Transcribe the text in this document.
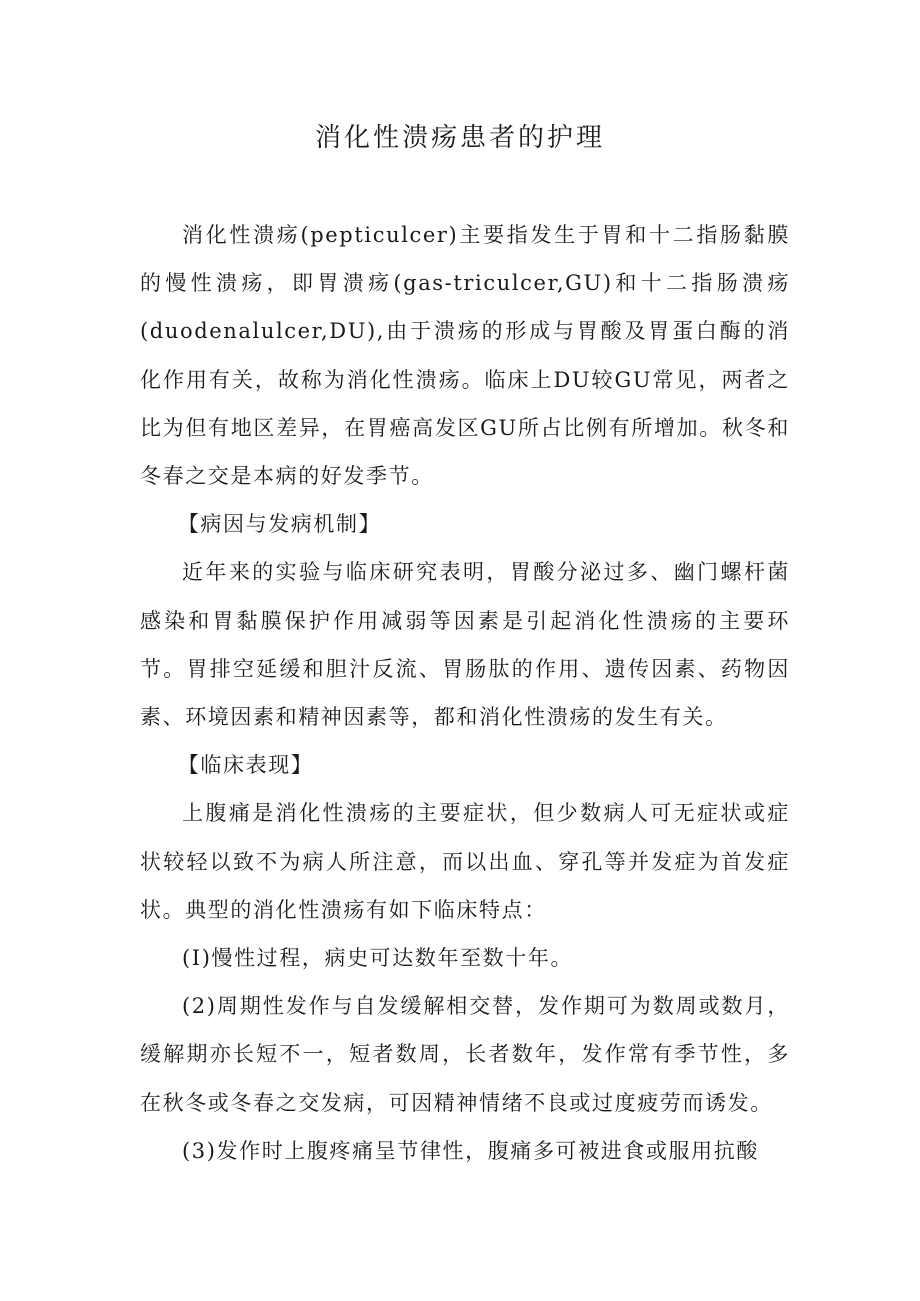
消化性溃疡患者的护理

消化性溃疡(pepticulcer)主要指发生于胃和十二指肠黏膜的慢性溃疡，即胃溃疡(gas-triculcer,GU)和十二指肠溃疡(duodenalulcer,DU),由于溃疡的形成与胃酸及胃蛋白酶的消化作用有关，故称为消化性溃疡。临床上DU较GU常见，两者之比为但有地区差异，在胃癌高发区GU所占比例有所增加。秋冬和冬春之交是本病的好发季节。

【病因与发病机制】

近年来的实验与临床研究表明，胃酸分泌过多、幽门螺杆菌感染和胃黏膜保护作用减弱等因素是引起消化性溃疡的主要环节。胃排空延缓和胆汁反流、胃肠肽的作用、遗传因素、药物因素、环境因素和精神因素等，都和消化性溃疡的发生有关。

【临床表现】

上腹痛是消化性溃疡的主要症状，但少数病人可无症状或症状较轻以致不为病人所注意，而以出血、穿孔等并发症为首发症状。典型的消化性溃疡有如下临床特点：

(I)慢性过程，病史可达数年至数十年。

(2)周期性发作与自发缓解相交替，发作期可为数周或数月，缓解期亦长短不一，短者数周，长者数年，发作常有季节性，多在秋冬或冬春之交发病，可因精神情绪不良或过度疲劳而诱发。

(3)发作时上腹疼痛呈节律性，腹痛多可被进食或服用抗酸
